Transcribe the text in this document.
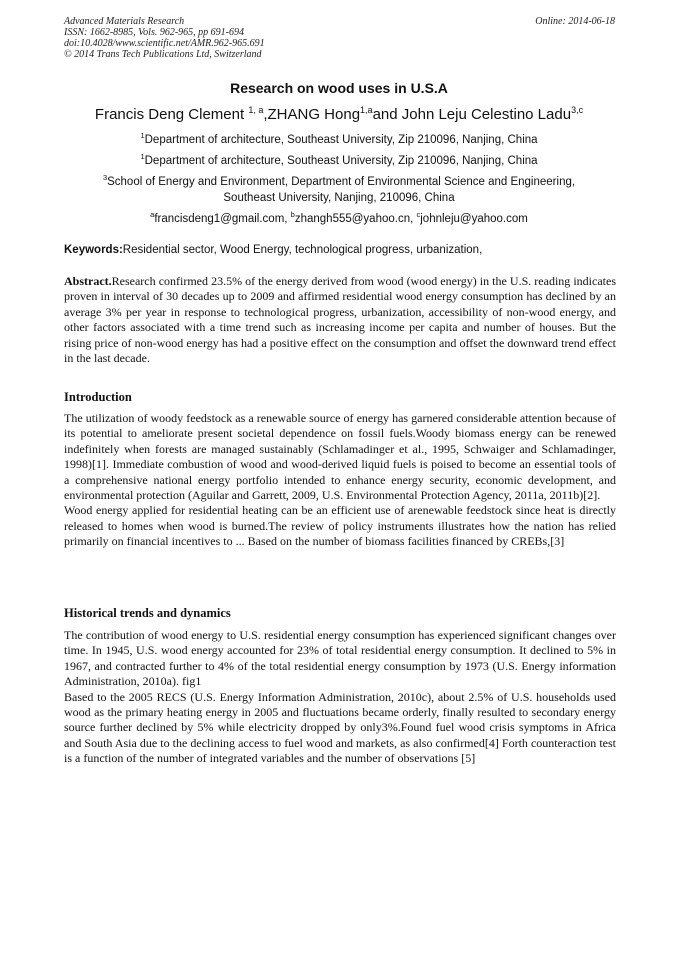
Advanced Materials Research
ISSN: 1662-8985, Vols. 962-965, pp 691-694
doi:10.4028/www.scientific.net/AMR.962-965.691
© 2014 Trans Tech Publications Ltd, Switzerland
Online: 2014-06-18
Research on wood uses in U.S.A
Francis Deng Clement $^{1, a}$,ZHANG Hong$^{1,a}$and John Leju Celestino Ladu$^{3,c}$
$^1$Department of architecture, Southeast University, Zip 210096, Nanjing, China
$^1$Department of architecture, Southeast University, Zip 210096, Nanjing, China
$^3$School of Energy and Environment, Department of Environmental Science and Engineering,
Southeast University, Nanjing, 210096, China
$^a$francisdeng1@gmail.com, $^b$zhangh555@yahoo.cn, $^c$johnleju@yahoo.com
Keywords:Residential sector, Wood Energy, technological progress, urbanization,

Abstract.Research confirmed 23.5% of the energy derived from wood (wood energy) in the U.S. reading indicates proven in interval of 30 decades up to 2009 and affirmed residential wood energy consumption has declined by an average 3% per year in response to technological progress, urbanization, accessibility of non-wood energy, and other factors associated with a time trend such as increasing income per capita and number of houses. But the rising price of non-wood energy has had a positive effect on the consumption and offset the downward trend effect in the last decade.

Introduction

The utilization of woody feedstock as a renewable source of energy has garnered considerable attention because of its potential to ameliorate present societal dependence on fossil fuels.Woody biomass energy can be renewed indefinitely when forests are managed sustainably (Schlamadinger et al., 1995, Schwaiger and Schlamadinger, 1998)[1]. Immediate combustion of wood and wood-derived liquid fuels is poised to become an essential tools of a comprehensive national energy portfolio intended to enhance energy security, economic development, and environmental protection (Aguilar and Garrett, 2009, U.S. Environmental Protection Agency, 2011a, 2011b)[2].

Wood energy applied for residential heating can be an efficient use of arenewable feedstock since heat is directly released to homes when wood is burned.The review of policy instruments illustrates how the nation has relied primarily on financial incentives to ... Based on the number of biomass facilities financed by CREBs,[3]

Historical trends and dynamics

The contribution of wood energy to U.S. residential energy consumption has experienced significant changes over time. In 1945, U.S. wood energy accounted for 23% of total residential energy consumption. It declined to 5% in 1967, and contracted further to 4% of the total residential energy consumption by 1973 (U.S. Energy information Administration, 2010a). fig1

Based to the 2005 RECS (U.S. Energy Information Administration, 2010c), about 2.5% of U.S. households used wood as the primary heating energy in 2005 and fluctuations became orderly, finally resulted to secondary energy source further declined by 5% while electricity dropped by only3%.Found fuel wood crisis symptoms in Africa and South Asia due to the declining access to fuel wood and markets, as also confirmed[4] Forth counteraction test is a function of the number of integrated variables and the number of observations [5]
